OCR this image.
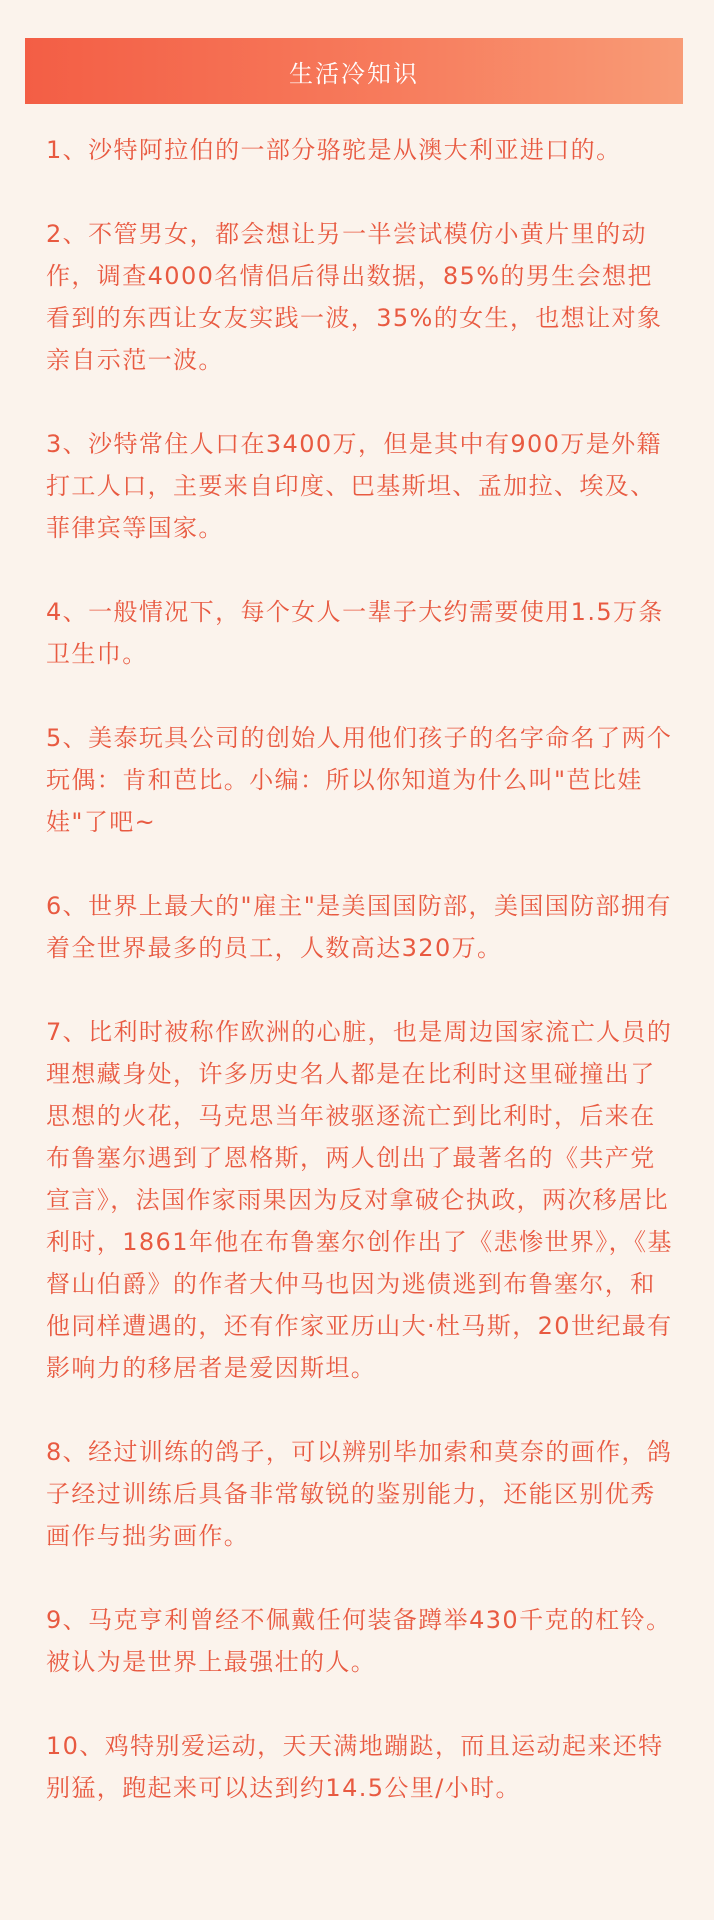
生活冷知识

1、沙特阿拉伯的一部分骆驼是从澳大利亚进口的。

2、不管男女，都会想让另一半尝试模仿小黄片里的动作，调查4000名情侣后得出数据，85%的男生会想把看到的东西让女友实践一波，35%的女生，也想让对象亲自示范一波。

3、沙特常住人口在3400万，但是其中有900万是外籍打工人口，主要来自印度、巴基斯坦、孟加拉、埃及、菲律宾等国家。

4、一般情况下，每个女人一辈子大约需要使用1.5万条卫生巾。

5、美泰玩具公司的创始人用他们孩子的名字命名了两个玩偶：肯和芭比。小编：所以你知道为什么叫"芭比娃娃"了吧~

6、世界上最大的"雇主"是美国国防部，美国国防部拥有着全世界最多的员工，人数高达320万。

7、比利时被称作欧洲的心脏，也是周边国家流亡人员的理想藏身处，许多历史名人都是在比利时这里碰撞出了思想的火花，马克思当年被驱逐流亡到比利时，后来在布鲁塞尔遇到了恩格斯，两人创出了最著名的《共产党宣言》，法国作家雨果因为反对拿破仑执政，两次移居比利时，1861年他在布鲁塞尔创作出了《悲惨世界》，《基督山伯爵》的作者大仲马也因为逃债逃到布鲁塞尔，和他同样遭遇的，还有作家亚历山大·杜马斯，20世纪最有影响力的移居者是爱因斯坦。

8、经过训练的鸽子，可以辨别毕加索和莫奈的画作，鸽子经过训练后具备非常敏锐的鉴别能力，还能区别优秀画作与拙劣画作。

9、马克亨利曾经不佩戴任何装备蹲举430千克的杠铃。被认为是世界上最强壮的人。

10、鸡特别爱运动，天天满地蹦跶，而且运动起来还特别猛，跑起来可以达到约14.5公里/小时。
